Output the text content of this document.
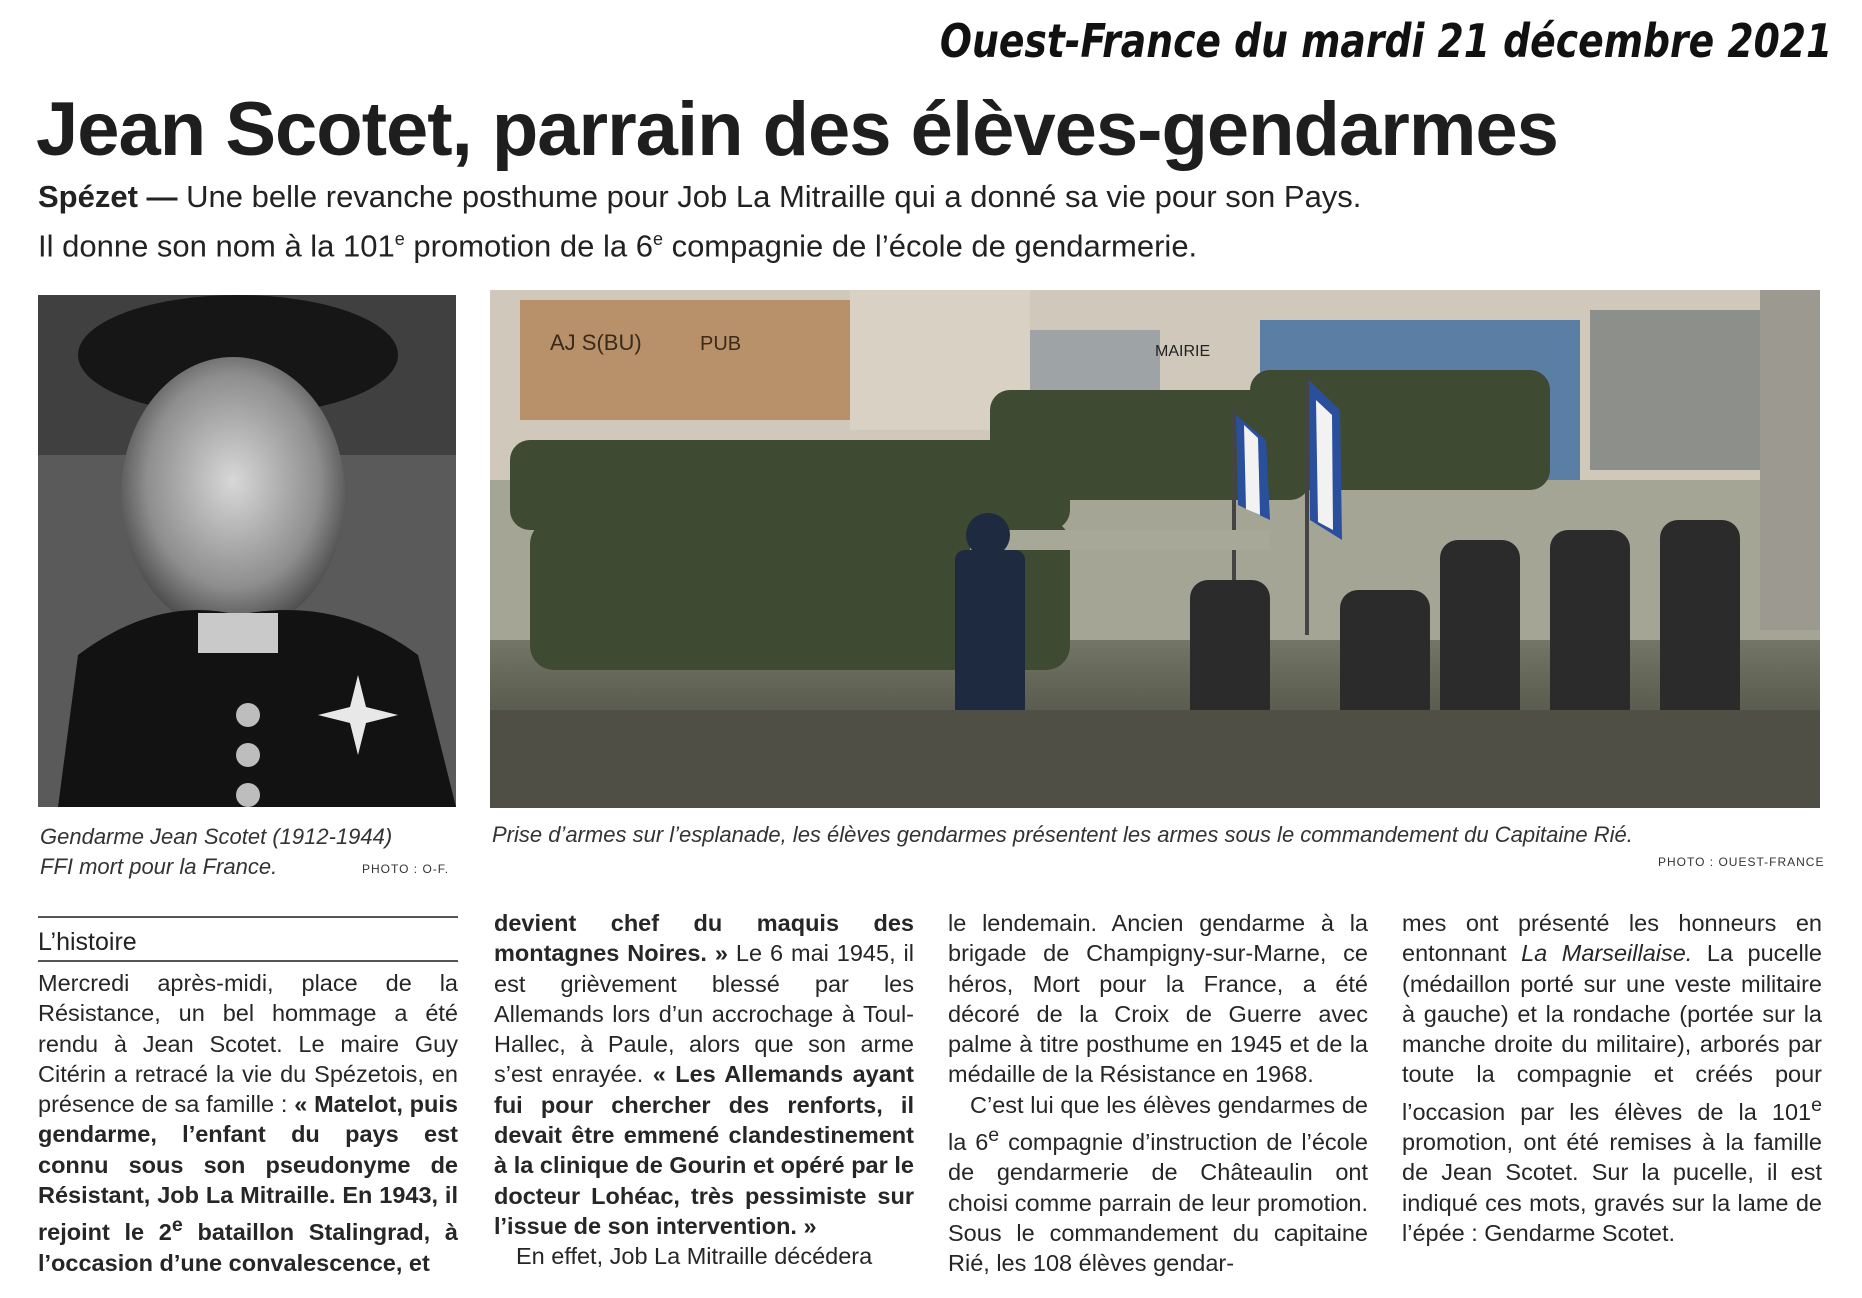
Ouest-France du mardi 21 décembre 2021
Jean Scotet, parrain des élèves-gendarmes
Spézet — Une belle revanche posthume pour Job La Mitraille qui a donné sa vie pour son Pays.
Il donne son nom à la 101e promotion de la 6e compagnie de l’école de gendarmerie.
AJ S(BU)	PUB	MAIRIE
Gendarme Jean Scotet (1912-1944)
FFI mort pour la France.	PHOTO : O-F.
Prise d’armes sur l’esplanade, les élèves gendarmes présentent les armes sous le commandement du Capitaine Rié.
PHOTO : OUEST-FRANCE
L’histoire

Mercredi après-midi, place de la Résistance, un bel hommage a été rendu à Jean Scotet. Le maire Guy Citérin a retracé la vie du Spézetois, en présence de sa famille : « Matelot, puis gendarme, l’enfant du pays est connu sous son pseudonyme de Résistant, Job La Mitraille. En 1943, il rejoint le 2e bataillon Stalingrad, à l’occasion d’une convalescence, et

devient chef du maquis des montagnes Noires. » Le 6 mai 1945, il est grièvement blessé par les Allemands lors d’un accrochage à Toul-Hallec, à Paule, alors que son arme s’est enrayée. « Les Allemands ayant fui pour chercher des renforts, il devait être emmené clandestinement à la clinique de Gourin et opéré par le docteur Lohéac, très pessimiste sur l’issue de son intervention. »

En effet, Job La Mitraille décédera

le lendemain. Ancien gendarme à la brigade de Champigny-sur-Marne, ce héros, Mort pour la France, a été décoré de la Croix de Guerre avec palme à titre posthume en 1945 et de la médaille de la Résistance en 1968.

C’est lui que les élèves gendarmes de la 6e compagnie d’instruction de l’école de gendarmerie de Châteaulin ont choisi comme parrain de leur promotion. Sous le commandement du capitaine Rié, les 108 élèves gendar-

mes ont présenté les honneurs en entonnant La Marseillaise. La pucelle (médaillon porté sur une veste militaire à gauche) et la rondache (portée sur la manche droite du militaire), arborés par toute la compagnie et créés pour l’occasion par les élèves de la 101e promotion, ont été remises à la famille de Jean Scotet. Sur la pucelle, il est indiqué ces mots, gravés sur la lame de l’épée : Gendarme Scotet.
